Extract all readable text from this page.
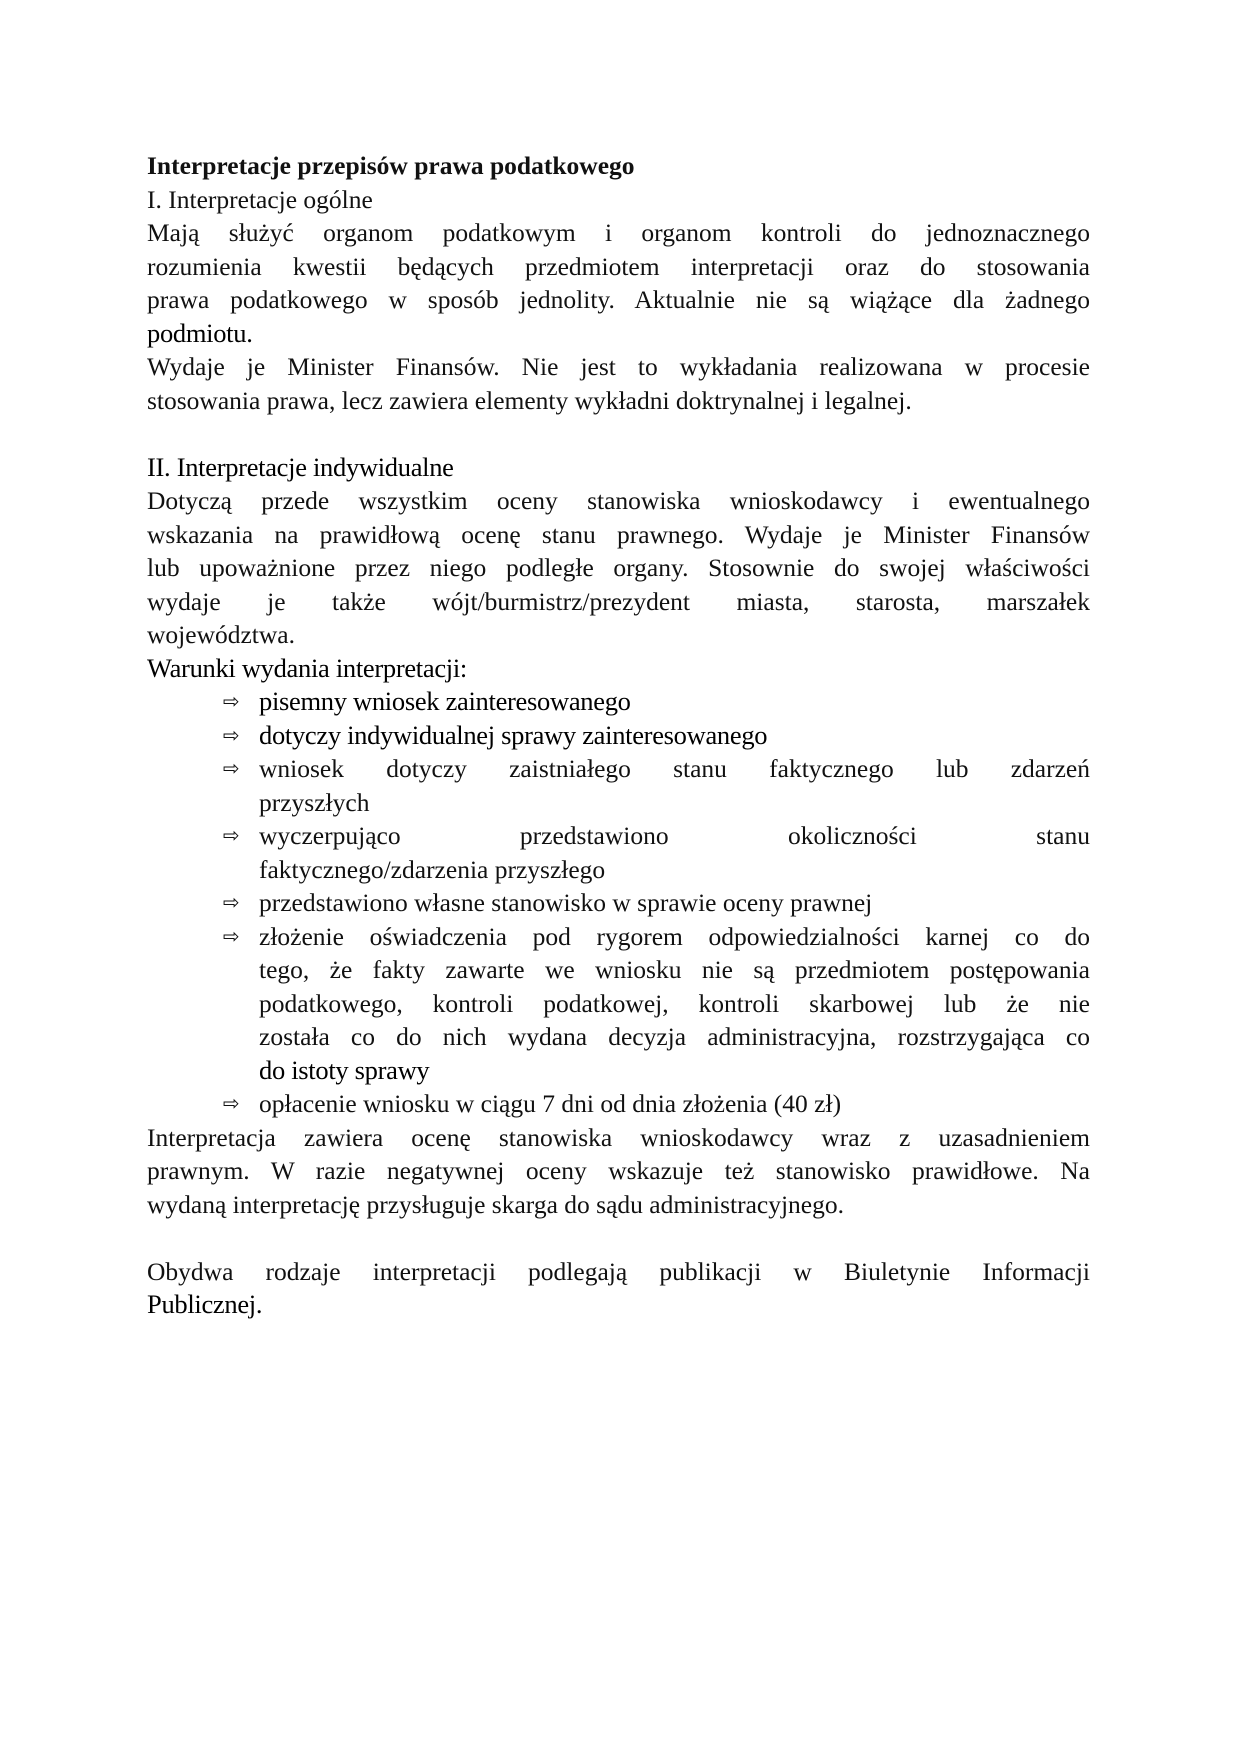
Interpretacje przepisów prawa podatkowego
I. Interpretacje ogólne
Mają służyć organom podatkowym i organom kontroli do jednoznacznego
rozumienia kwestii będących przedmiotem interpretacji oraz do stosowania
prawa podatkowego w sposób jednolity. Aktualnie nie są wiążące dla żadnego
podmiotu.
Wydaje je Minister Finansów. Nie jest to wykładania realizowana w procesie
stosowania prawa, lecz zawiera elementy wykładni doktrynalnej i legalnej.
II. Interpretacje indywidualne
Dotyczą przede wszystkim oceny stanowiska wnioskodawcy i ewentualnego
wskazania na prawidłową ocenę stanu prawnego. Wydaje je Minister Finansów
lub upoważnione przez niego podległe organy. Stosownie do swojej właściwości
wydaje je także wójt/burmistrz/prezydent miasta, starosta, marszałek
województwa.
Warunki wydania interpretacji:
⇨ pisemny wniosek zainteresowanego
⇨ dotyczy indywidualnej sprawy zainteresowanego
⇨ wniosek dotyczy zaistniałego stanu faktycznego lub zdarzeń
przyszłych
⇨ wyczerpująco przedstawiono okoliczności stanu
faktycznego/zdarzenia przyszłego
⇨ przedstawiono własne stanowisko w sprawie oceny prawnej
⇨ złożenie oświadczenia pod rygorem odpowiedzialności karnej co do
tego, że fakty zawarte we wniosku nie są przedmiotem postępowania
podatkowego, kontroli podatkowej, kontroli skarbowej lub że nie
została co do nich wydana decyzja administracyjna, rozstrzygająca co
do istoty sprawy
⇨ opłacenie wniosku w ciągu 7 dni od dnia złożenia (40 zł)
Interpretacja zawiera ocenę stanowiska wnioskodawcy wraz z uzasadnieniem
prawnym. W razie negatywnej oceny wskazuje też stanowisko prawidłowe. Na
wydaną interpretację przysługuje skarga do sądu administracyjnego.
Obydwa rodzaje interpretacji podlegają publikacji w Biuletynie Informacji
Publicznej.
